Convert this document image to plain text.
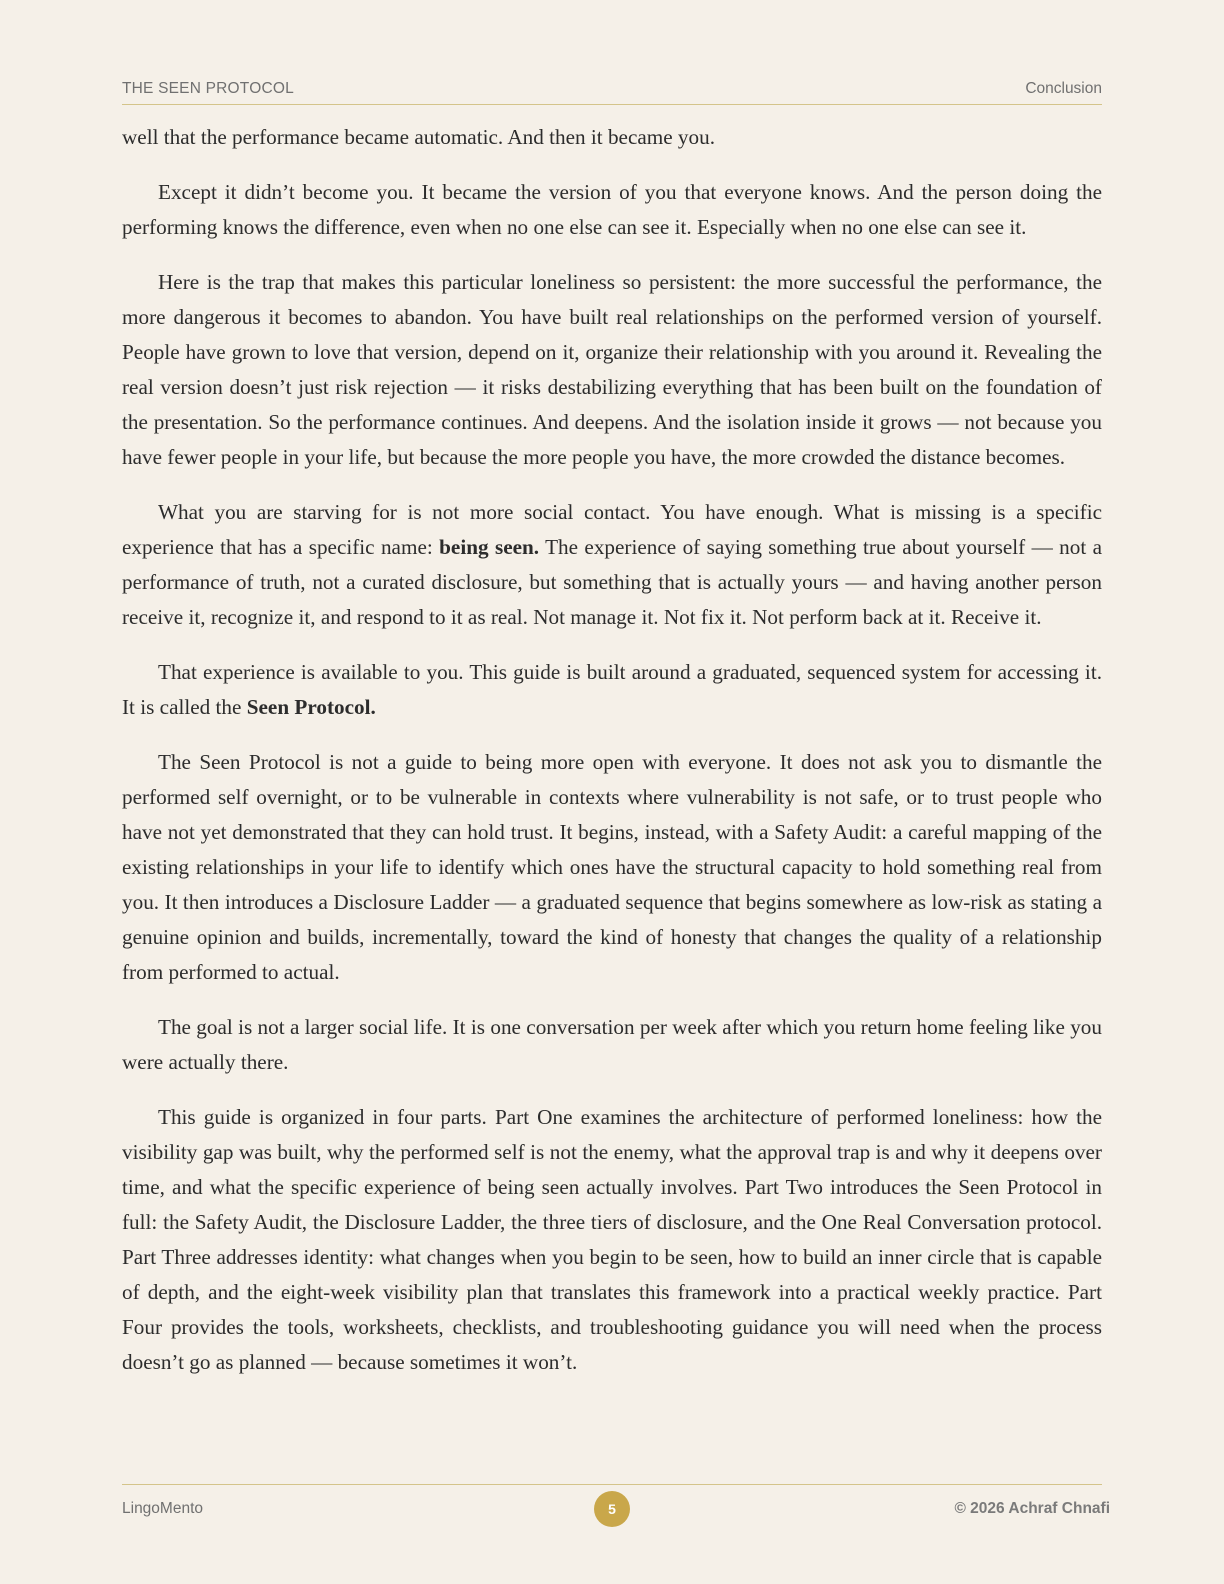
THE SEEN PROTOCOL	Conclusion

well that the performance became automatic. And then it became you.

Except it didn’t become you. It became the version of you that everyone knows. And the person doing the performing knows the difference, even when no one else can see it. Especially when no one else can see it.

Here is the trap that makes this particular loneliness so persistent: the more successful the performance, the more dangerous it becomes to abandon. You have built real relationships on the performed version of yourself. People have grown to love that version, depend on it, organize their relationship with you around it. Revealing the real version doesn’t just risk rejection — it risks destabilizing everything that has been built on the foundation of the presentation. So the performance continues. And deepens. And the isolation inside it grows — not because you have fewer people in your life, but because the more people you have, the more crowded the distance becomes.

What you are starving for is not more social contact. You have enough. What is missing is a specific experience that has a specific name: being seen. The experience of saying something true about yourself — not a performance of truth, not a curated disclosure, but something that is actually yours — and having another person receive it, recognize it, and respond to it as real. Not manage it. Not fix it. Not perform back at it. Receive it.

That experience is available to you. This guide is built around a graduated, sequenced system for accessing it. It is called the Seen Protocol.

The Seen Protocol is not a guide to being more open with everyone. It does not ask you to dismantle the performed self overnight, or to be vulnerable in contexts where vulnerability is not safe, or to trust people who have not yet demonstrated that they can hold trust. It begins, instead, with a Safety Audit: a careful mapping of the existing relationships in your life to identify which ones have the structural capacity to hold something real from you. It then introduces a Disclosure Ladder — a graduated sequence that begins somewhere as low-risk as stating a genuine opinion and builds, incrementally, toward the kind of honesty that changes the quality of a relationship from performed to actual.

The goal is not a larger social life. It is one conversation per week after which you return home feeling like you were actually there.

This guide is organized in four parts. Part One examines the architecture of performed loneliness: how the visibility gap was built, why the performed self is not the enemy, what the approval trap is and why it deepens over time, and what the specific experience of being seen actually involves. Part Two introduces the Seen Protocol in full: the Safety Audit, the Disclosure Ladder, the three tiers of disclosure, and the One Real Conversation protocol. Part Three addresses identity: what changes when you begin to be seen, how to build an inner circle that is capable of depth, and the eight-week visibility plan that translates this framework into a practical weekly practice. Part Four provides the tools, worksheets, checklists, and troubleshooting guidance you will need when the process doesn’t go as planned — because sometimes it won’t.

LingoMento	5	© 2026 Achraf Chnafi
